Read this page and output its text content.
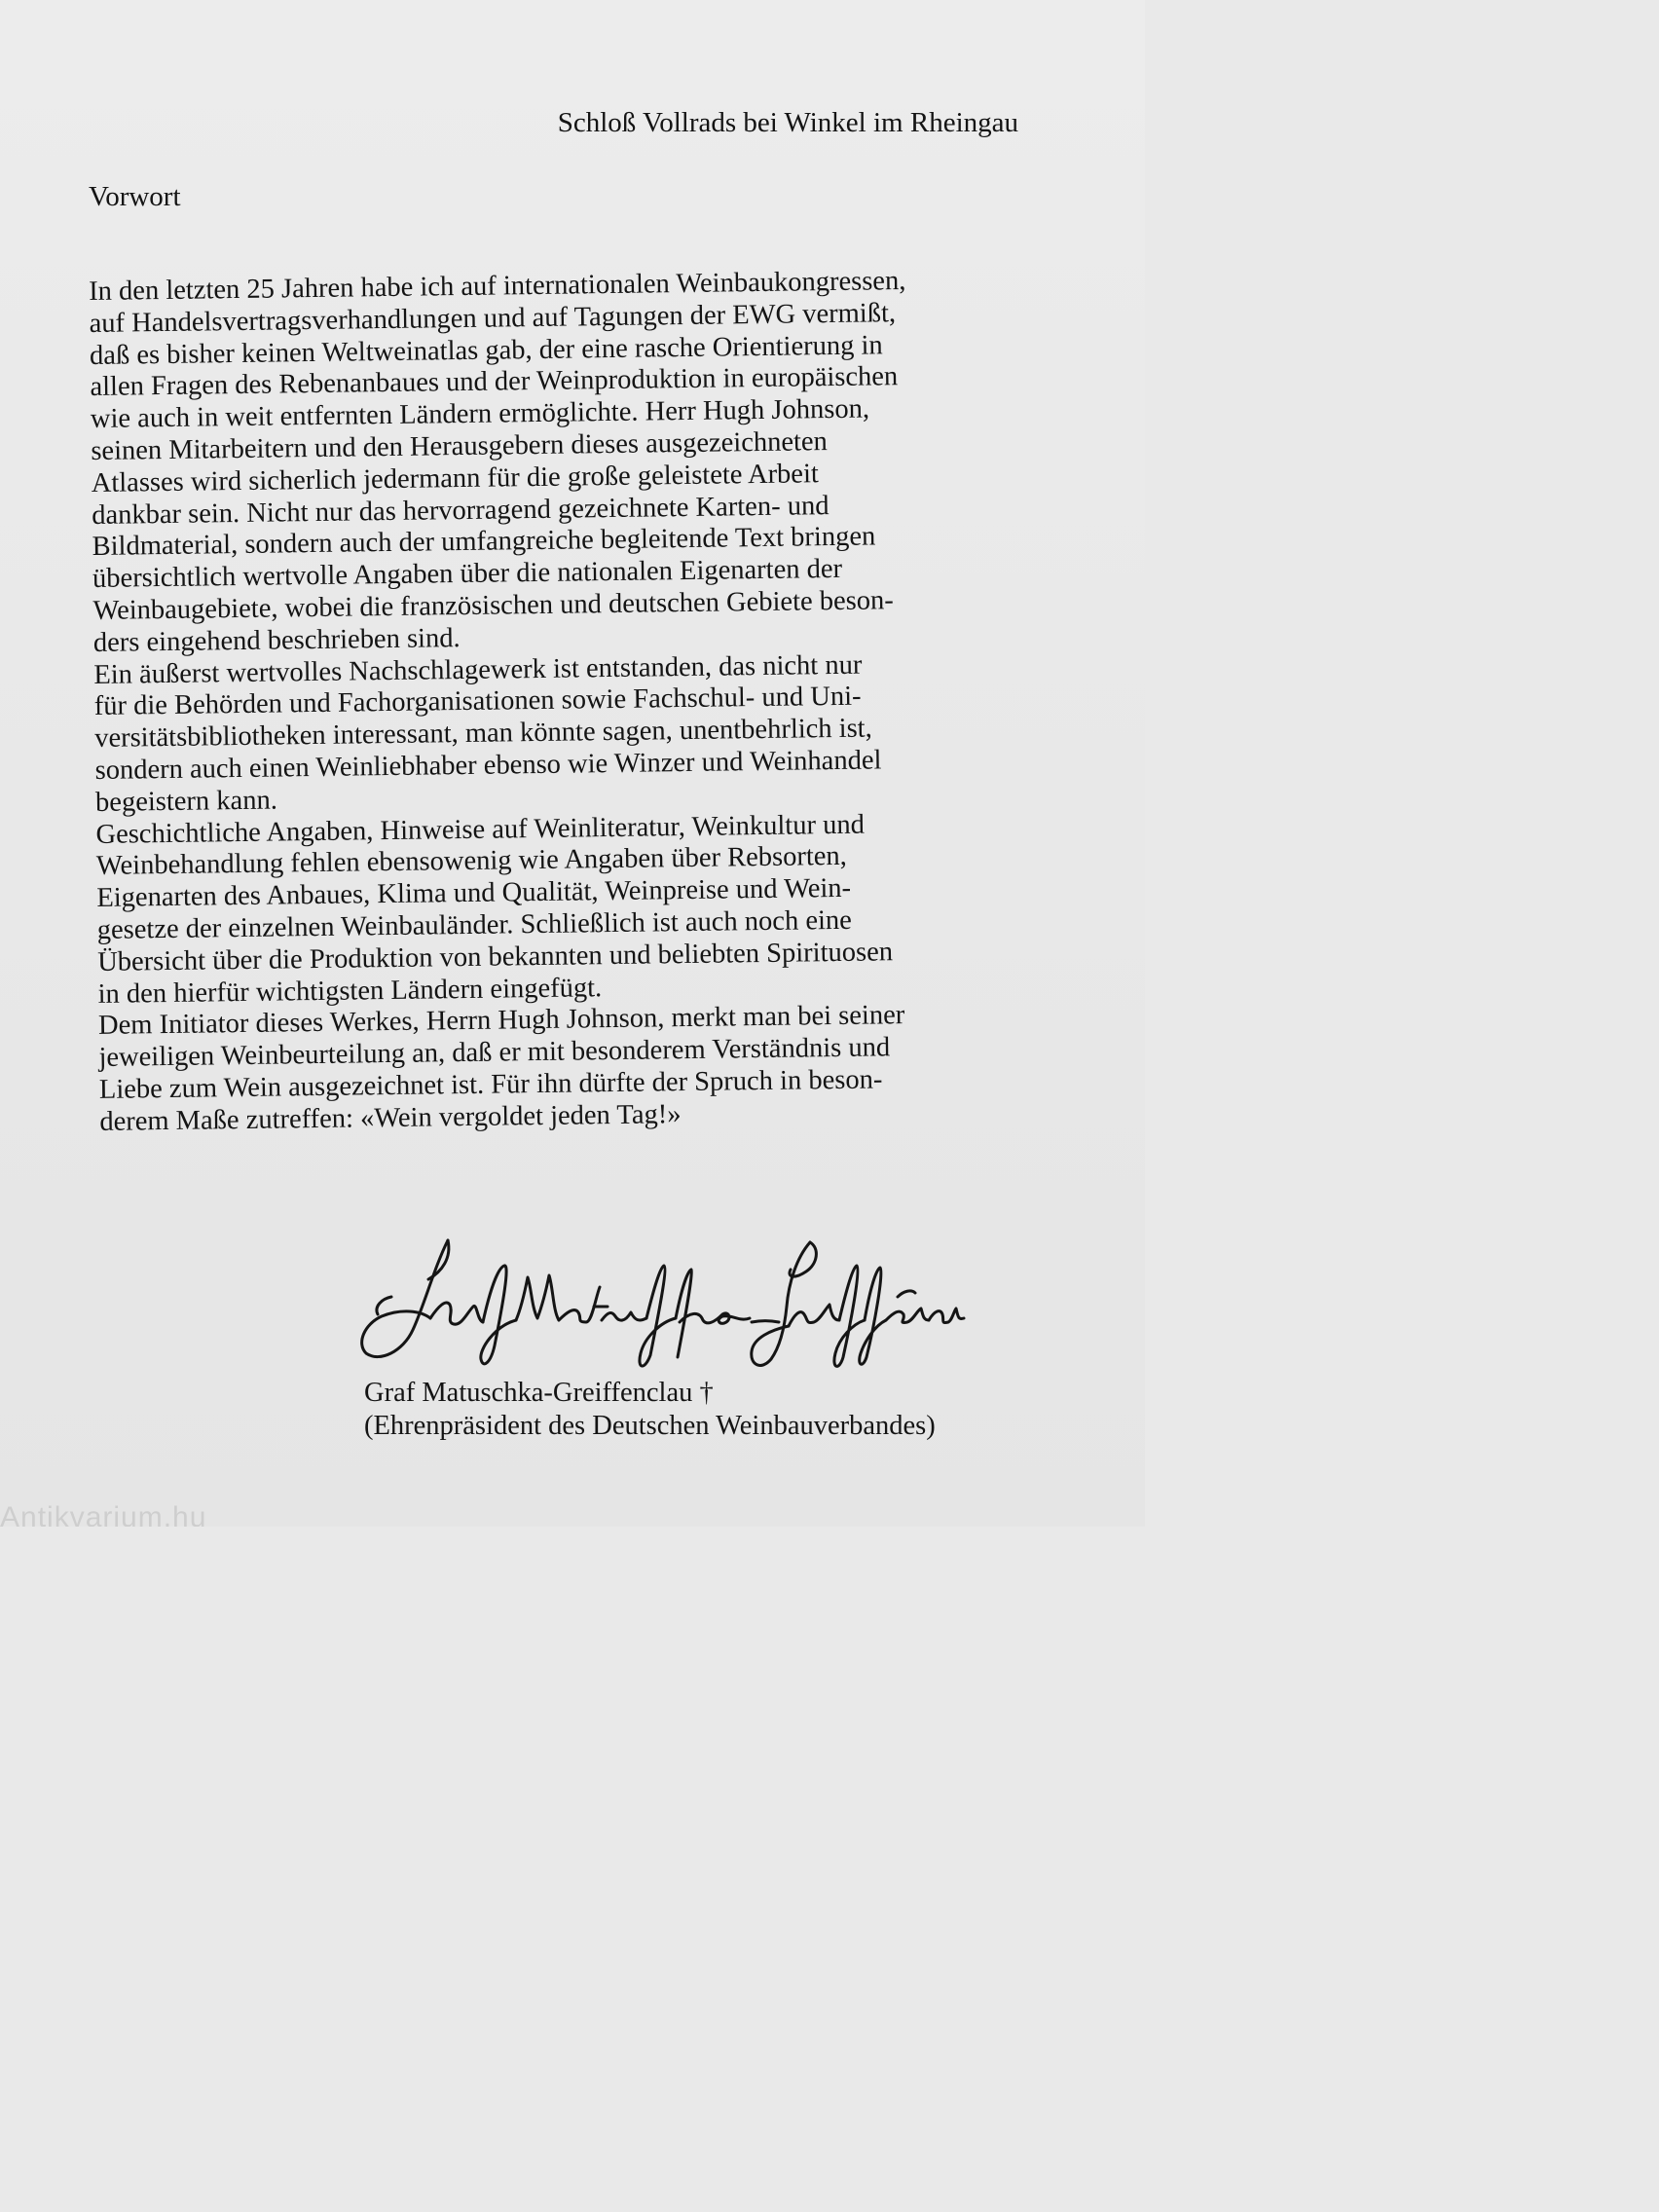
Schloß Vollrads bei Winkel im Rheingau
Vorwort
In den letzten 25 Jahren habe ich auf internationalen Weinbaukongressen,
auf Handelsvertragsverhandlungen und auf Tagungen der EWG vermißt,
daß es bisher keinen Weltweinatlas gab, der eine rasche Orientierung in
allen Fragen des Rebenanbaues und der Weinproduktion in europäischen
wie auch in weit entfernten Ländern ermöglichte. Herr Hugh Johnson,
seinen Mitarbeitern und den Herausgebern dieses ausgezeichneten
Atlasses wird sicherlich jedermann für die große geleistete Arbeit
dankbar sein. Nicht nur das hervorragend gezeichnete Karten- und
Bildmaterial, sondern auch der umfangreiche begleitende Text bringen
übersichtlich wertvolle Angaben über die nationalen Eigenarten der
Weinbaugebiete, wobei die französischen und deutschen Gebiete beson-
ders eingehend beschrieben sind.
Ein äußerst wertvolles Nachschlagewerk ist entstanden, das nicht nur
für die Behörden und Fachorganisationen sowie Fachschul- und Uni-
versitätsbibliotheken interessant, man könnte sagen, unentbehrlich ist,
sondern auch einen Weinliebhaber ebenso wie Winzer und Weinhandel
begeistern kann.
Geschichtliche Angaben, Hinweise auf Weinliteratur, Weinkultur und
Weinbehandlung fehlen ebensowenig wie Angaben über Rebsorten,
Eigenarten des Anbaues, Klima und Qualität, Weinpreise und Wein-
gesetze der einzelnen Weinbauländer. Schließlich ist auch noch eine
Übersicht über die Produktion von bekannten und beliebten Spirituosen
in den hierfür wichtigsten Ländern eingefügt.
Dem Initiator dieses Werkes, Herrn Hugh Johnson, merkt man bei seiner
jeweiligen Weinbeurteilung an, daß er mit besonderem Verständnis und
Liebe zum Wein ausgezeichnet ist. Für ihn dürfte der Spruch in beson-
derem Maße zutreffen: «Wein vergoldet jeden Tag!»
Graf Matuschka-Greiffenclau †
(Ehrenpräsident des Deutschen Weinbauverbandes)
Antikvarium.hu
